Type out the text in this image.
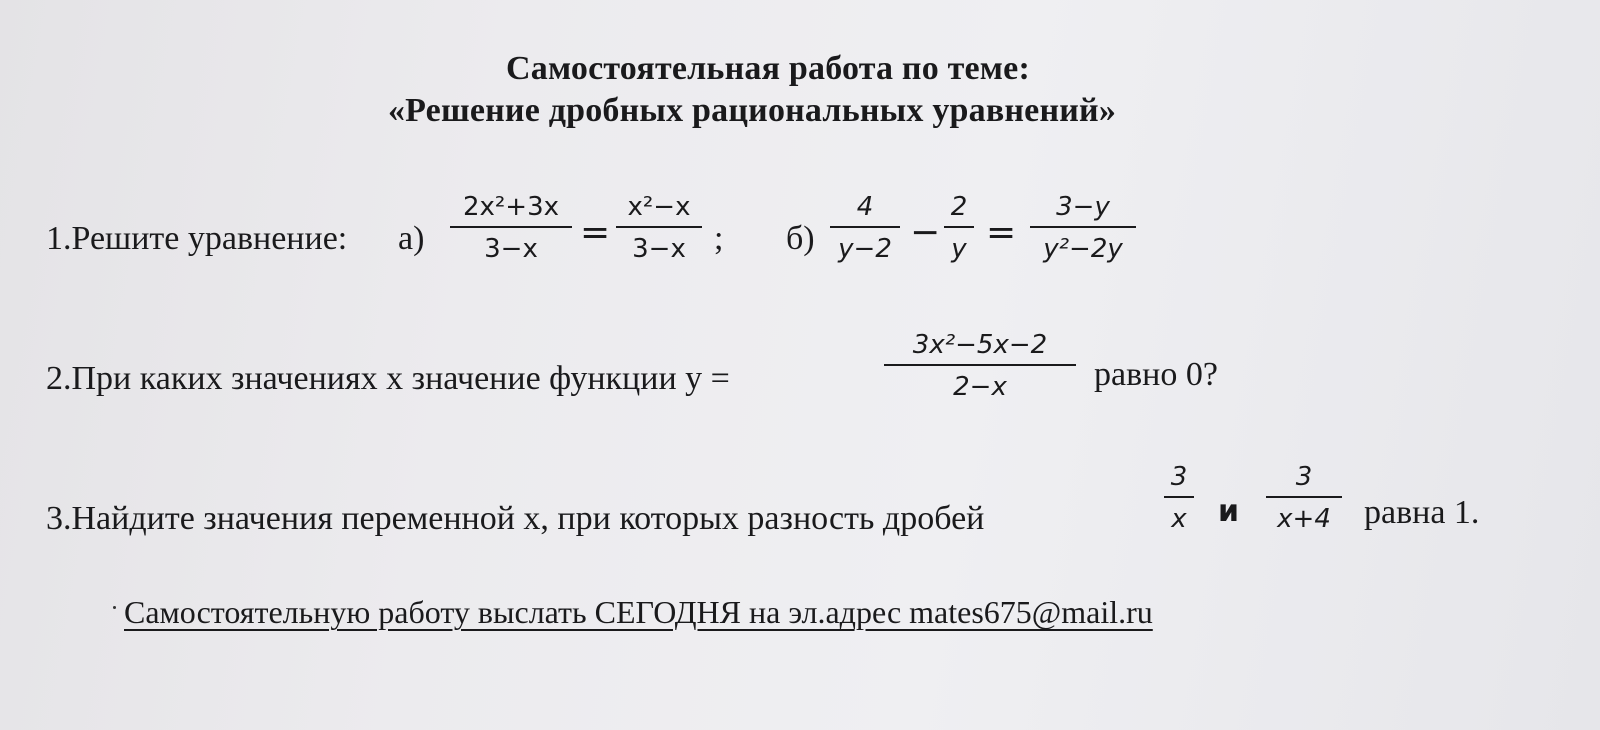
Самостоятельная работа по теме:
«Решение дробных рациональных уравнений»
1.Решите уравнение: а)
2x²+3x
3−x	=
x²−x
3−x ; б)
4
y−2 −
2
y =
3−y
y²−2y
2.При каких значениях x значение функции y =
3x²−5x−2
2−x	равно 0?
3.Найдите значения переменной x, при которых разность дробей
3
x и
3
x+4 равна 1.
Самостоятельную работу выслать СЕГОДНЯ на эл.адрес mates675@mail.ru
